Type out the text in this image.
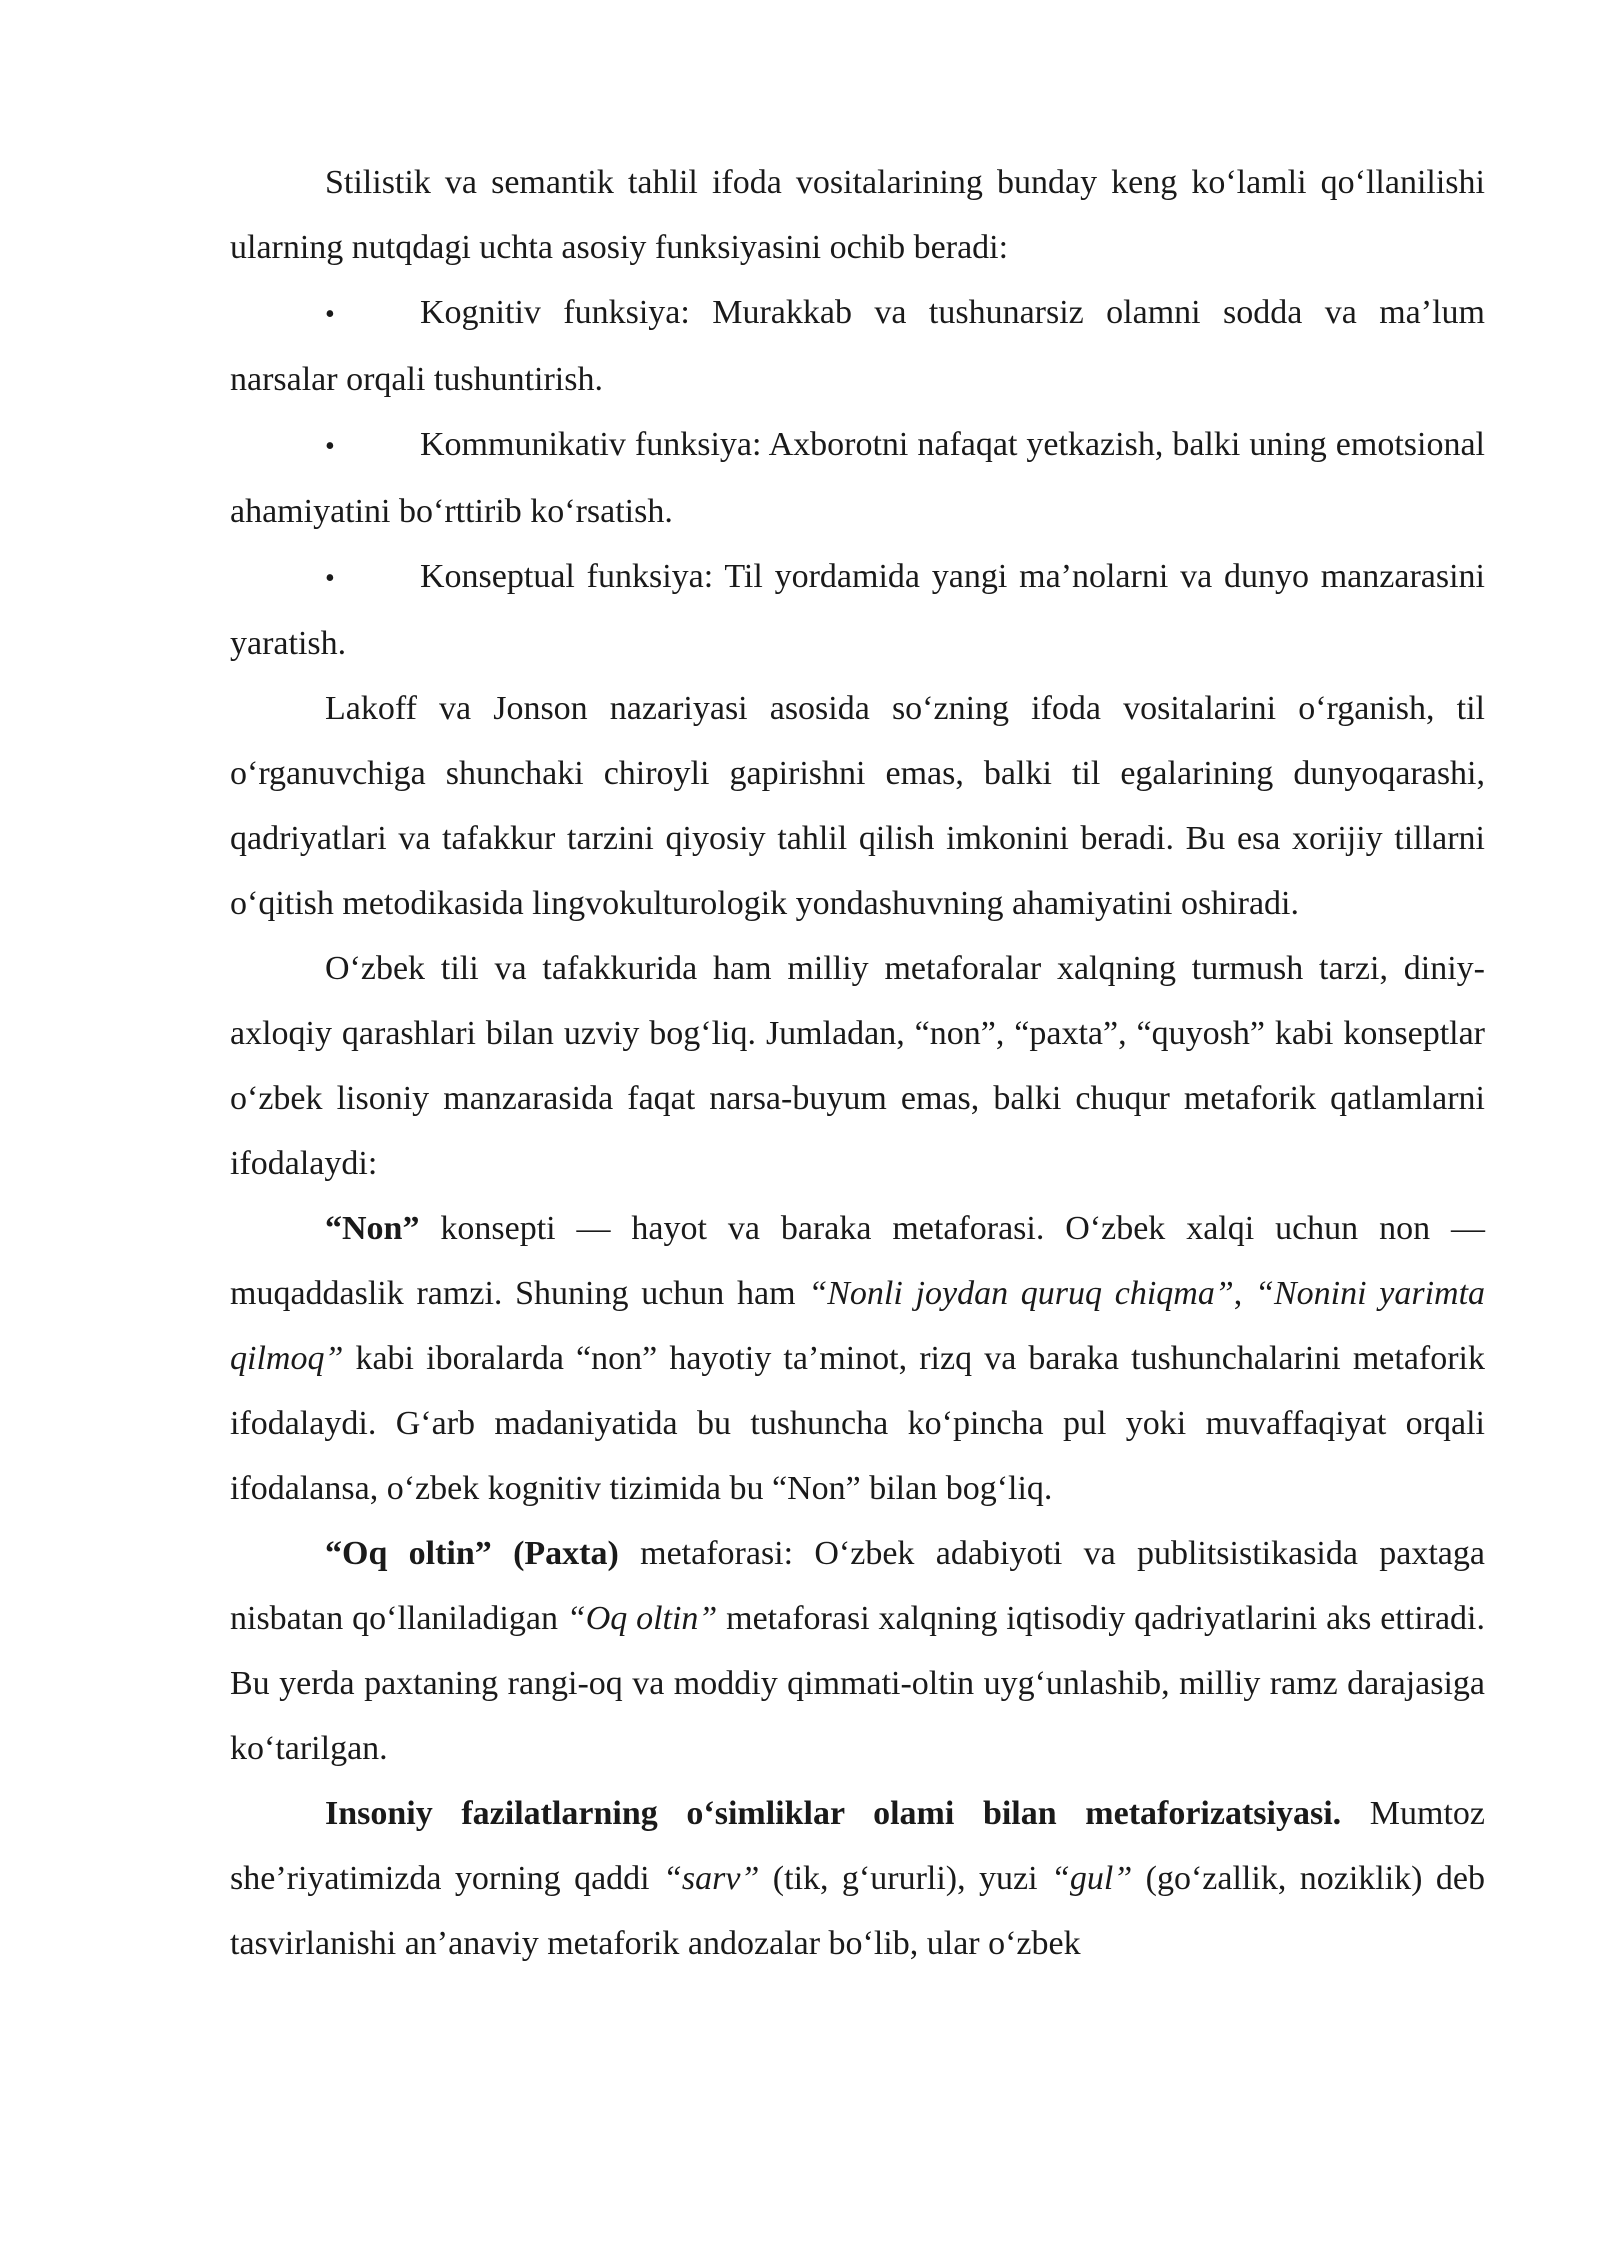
Stilistik va semantik tahlil ifoda vositalarining bunday keng ko‘lamli qo‘llanilishi ularning nutqdagi uchta asosiy funksiyasini ochib beradi:

•	Kognitiv funksiya: Murakkab va tushunarsiz olamni sodda va ma’lum narsalar orqali tushuntirish.

•	Kommunikativ funksiya: Axborotni nafaqat yetkazish, balki uning emotsional ahamiyatini bo‘rttirib ko‘rsatish.

•	Konseptual funksiya: Til yordamida yangi ma’nolarni va dunyo manzarasini yaratish.

Lakoff va Jonson nazariyasi asosida so‘zning ifoda vositalarini o‘rganish, til o‘rganuvchiga shunchaki chiroyli gapirishni emas, balki til egalarining dunyoqarashi, qadriyatlari va tafakkur tarzini qiyosiy tahlil qilish imkonini beradi. Bu esa xorijiy tillarni o‘qitish metodikasida lingvokulturologik yondashuvning ahamiyatini oshiradi.

O‘zbek tili va tafakkurida ham milliy metaforalar xalqning turmush tarzi, diniy-axloqiy qarashlari bilan uzviy bog‘liq. Jumladan, “non”, “paxta”, “quyosh” kabi konseptlar o‘zbek lisoniy manzarasida faqat narsa-buyum emas, balki chuqur metaforik qatlamlarni ifodalaydi:

“Non” konsepti — hayot va baraka metaforasi. O‘zbek xalqi uchun non — muqaddaslik ramzi. Shuning uchun ham “Nonli joydan quruq chiqma”, “Nonini yarimta qilmoq” kabi iboralarda “non” hayotiy ta’minot, rizq va baraka tushunchalarini metaforik ifodalaydi. G‘arb madaniyatida bu tushuncha ko‘pincha pul yoki muvaffaqiyat orqali ifodalansa, o‘zbek kognitiv tizimida bu “Non” bilan bog‘liq.

“Oq oltin” (Paxta) metaforasi: O‘zbek adabiyoti va publitsistikasida paxtaga nisbatan qo‘llaniladigan “Oq oltin” metaforasi xalqning iqtisodiy qadriyatlarini aks ettiradi. Bu yerda paxtaning rangi-oq va moddiy qimmati-oltin uyg‘unlashib, milliy ramz darajasiga ko‘tarilgan.

Insoniy fazilatlarning o‘simliklar olami bilan metaforizatsiyasi. Mumtoz she’riyatimizda yorning qaddi “sarv” (tik, g‘ururli), yuzi “gul” (go‘zallik, noziklik) deb tasvirlanishi an’anaviy metaforik andozalar bo‘lib, ular o‘zbek
